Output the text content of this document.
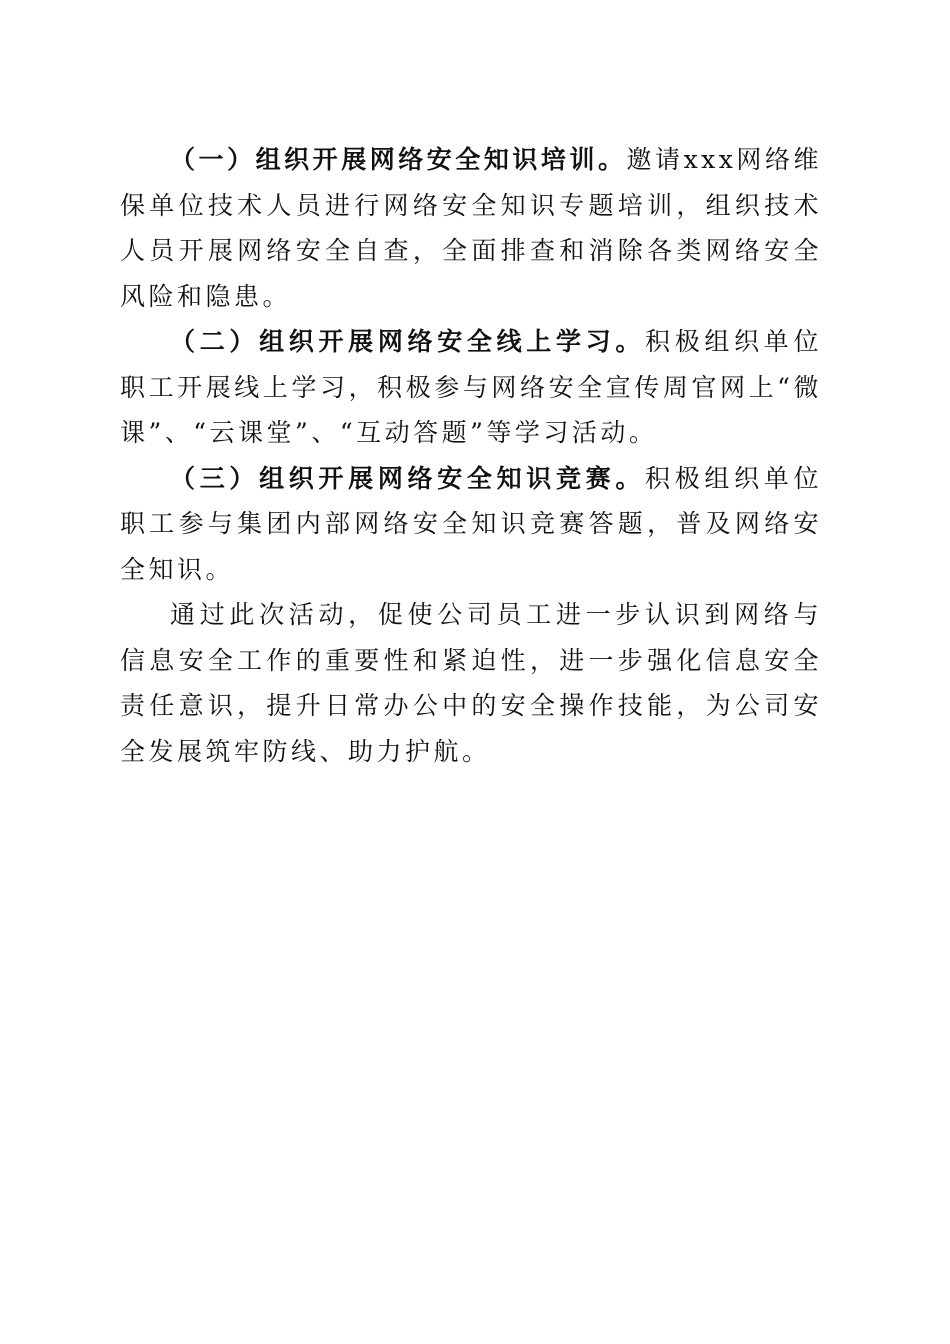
（一）组织开展网络安全知识培训。邀请xxx网络维保单位技术人员进行网络安全知识专题培训，组织技术人员开展网络安全自查，全面排查和消除各类网络安全风险和隐患。

（二）组织开展网络安全线上学习。积极组织单位职工开展线上学习，积极参与网络安全宣传周官网上“微课”、“云课堂”、“互动答题”等学习活动。

（三）组织开展网络安全知识竞赛。积极组织单位职工参与集团内部网络安全知识竞赛答题，普及网络安全知识。

通过此次活动，促使公司员工进一步认识到网络与信息安全工作的重要性和紧迫性，进一步强化信息安全责任意识，提升日常办公中的安全操作技能，为公司安全发展筑牢防线、助力护航。
